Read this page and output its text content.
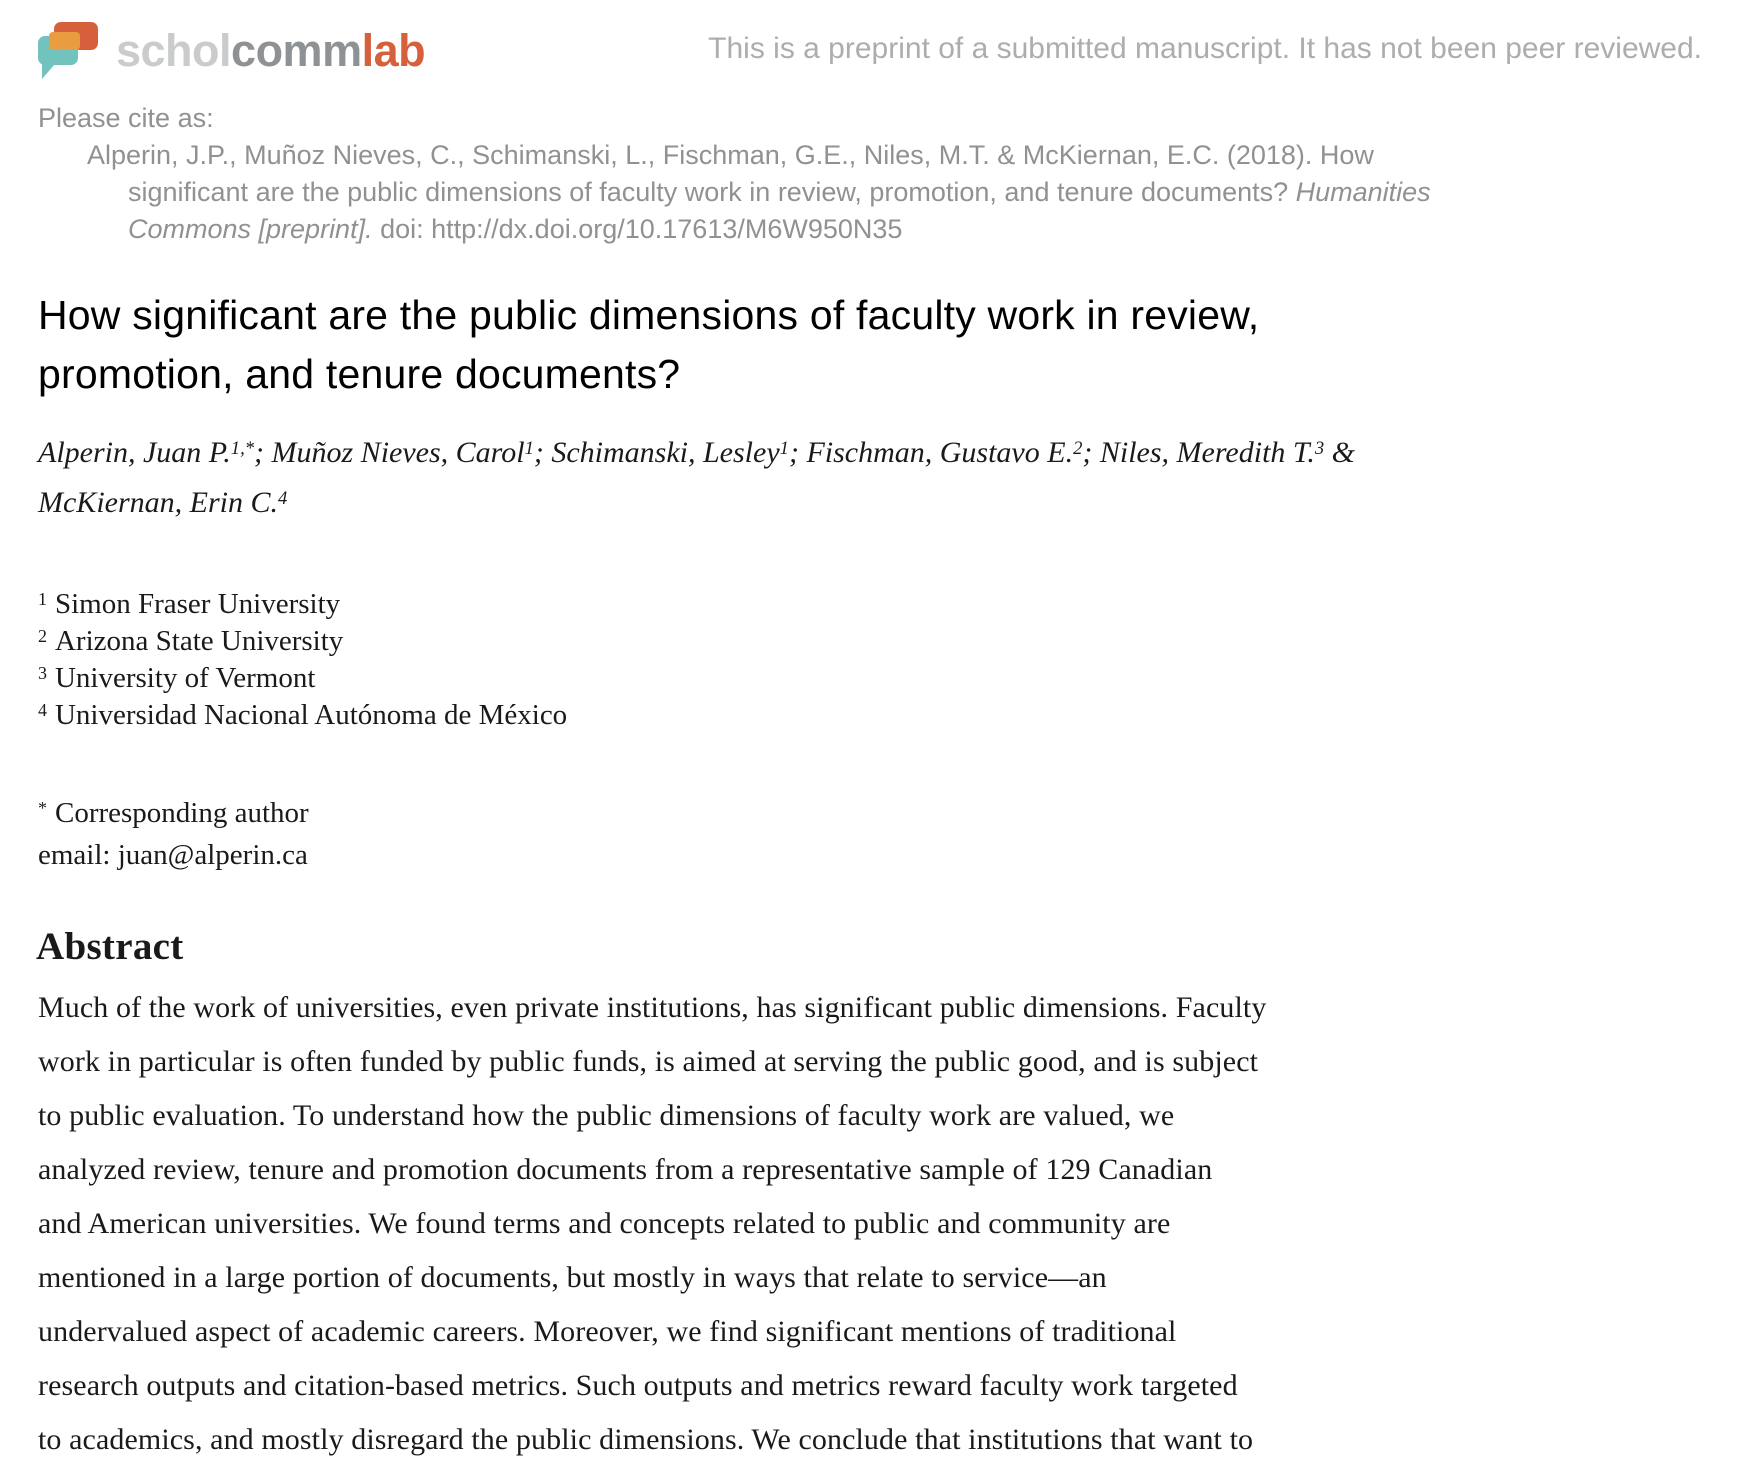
scholcommlab	This is a preprint of a submitted manuscript. It has not been peer reviewed.
Please cite as:
Alperin, J.P., Muñoz Nieves, C., Schimanski, L., Fischman, G.E., Niles, M.T. & McKiernan, E.C. (2018). How
significant are the public dimensions of faculty work in review, promotion, and tenure documents? Humanities
Commons [preprint]. doi: http://dx.doi.org/10.17613/M6W950N35
How significant are the public dimensions of faculty work in review,
promotion, and tenure documents?
Alperin, Juan P.$^{1,*}$; Muñoz Nieves, Carol$^1$; Schimanski, Lesley$^1$; Fischman, Gustavo E.$^2$; Niles, Meredith T.$^3$ &
McKiernan, Erin C.$^4$
$^1$ Simon Fraser University
$^2$ Arizona State University
$^3$ University of Vermont
$^4$ Universidad Nacional Autónoma de México
* Corresponding author
email: juan@alperin.ca
Abstract
Much of the work of universities, even private institutions, has significant public dimensions. Faculty
work in particular is often funded by public funds, is aimed at serving the public good, and is subject
to public evaluation. To understand how the public dimensions of faculty work are valued, we
analyzed review, tenure and promotion documents from a representative sample of 129 Canadian
and American universities. We found terms and concepts related to public and community are
mentioned in a large portion of documents, but mostly in ways that relate to service—an
undervalued aspect of academic careers. Moreover, we find significant mentions of traditional
research outputs and citation-based metrics. Such outputs and metrics reward faculty work targeted
to academics, and mostly disregard the public dimensions. We conclude that institutions that want to
